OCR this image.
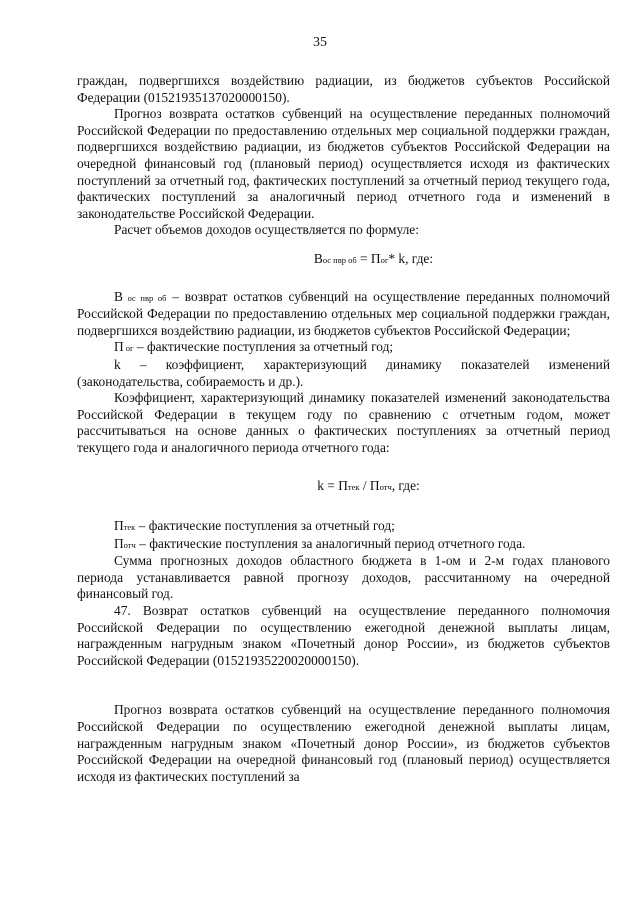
35

граждан, подвергшихся воздействию радиации, из бюджетов субъектов Российской Федерации (01521935137020000150).

Прогноз возврата остатков субвенций на осуществление переданных полномочий Российской Федерации по предоставлению отдельных мер социальной поддержки граждан, подвергшихся воздействию радиации, из бюджетов субъектов Российской Федерации на очередной финансовый год (плановый период) осуществляется исходя из фактических поступлений за отчетный год, фактических поступлений за отчетный период текущего года, фактических поступлений за аналогичный период отчетного года и изменений в законодательстве Российской Федерации.

Расчет объемов доходов осуществляется по формуле:

Вос пвр об = Пог* k, где:

В ос пвр об – возврат остатков субвенций на осуществление переданных полномочий Российской Федерации по предоставлению отдельных мер социальной поддержки граждан, подвергшихся воздействию радиации, из бюджетов субъектов Российской Федерации;

П ог – фактические поступления за отчетный год;

k – коэффициент, характеризующий динамику показателей изменений (законодательства, собираемость и др.).

Коэффициент, характеризующий динамику показателей изменений законодательства Российской Федерации в текущем году по сравнению с отчетным годом, может рассчитываться на основе данных о фактических поступлениях за отчетный период текущего года и аналогичного периода отчетного года:

k = Птек / Потч, где:

Птек – фактические поступления за отчетный год;

Потч – фактические поступления за аналогичный период отчетного года.

Сумма прогнозных доходов областного бюджета в 1-ом и 2-м годах планового периода устанавливается равной прогнозу доходов, рассчитанному на очередной финансовый год.

47. Возврат остатков субвенций на осуществление переданного полномочия Российской Федерации по осуществлению ежегодной денежной выплаты лицам, награжденным нагрудным знаком «Почетный донор России», из бюджетов субъектов Российской Федерации (01521935220020000150).

Прогноз возврата остатков субвенций на осуществление переданного полномочия Российской Федерации по осуществлению ежегодной денежной выплаты лицам, награжденным нагрудным знаком «Почетный донор России», из бюджетов субъектов Российской Федерации на очередной финансовый год (плановый период) осуществляется исходя из фактических поступлений за
